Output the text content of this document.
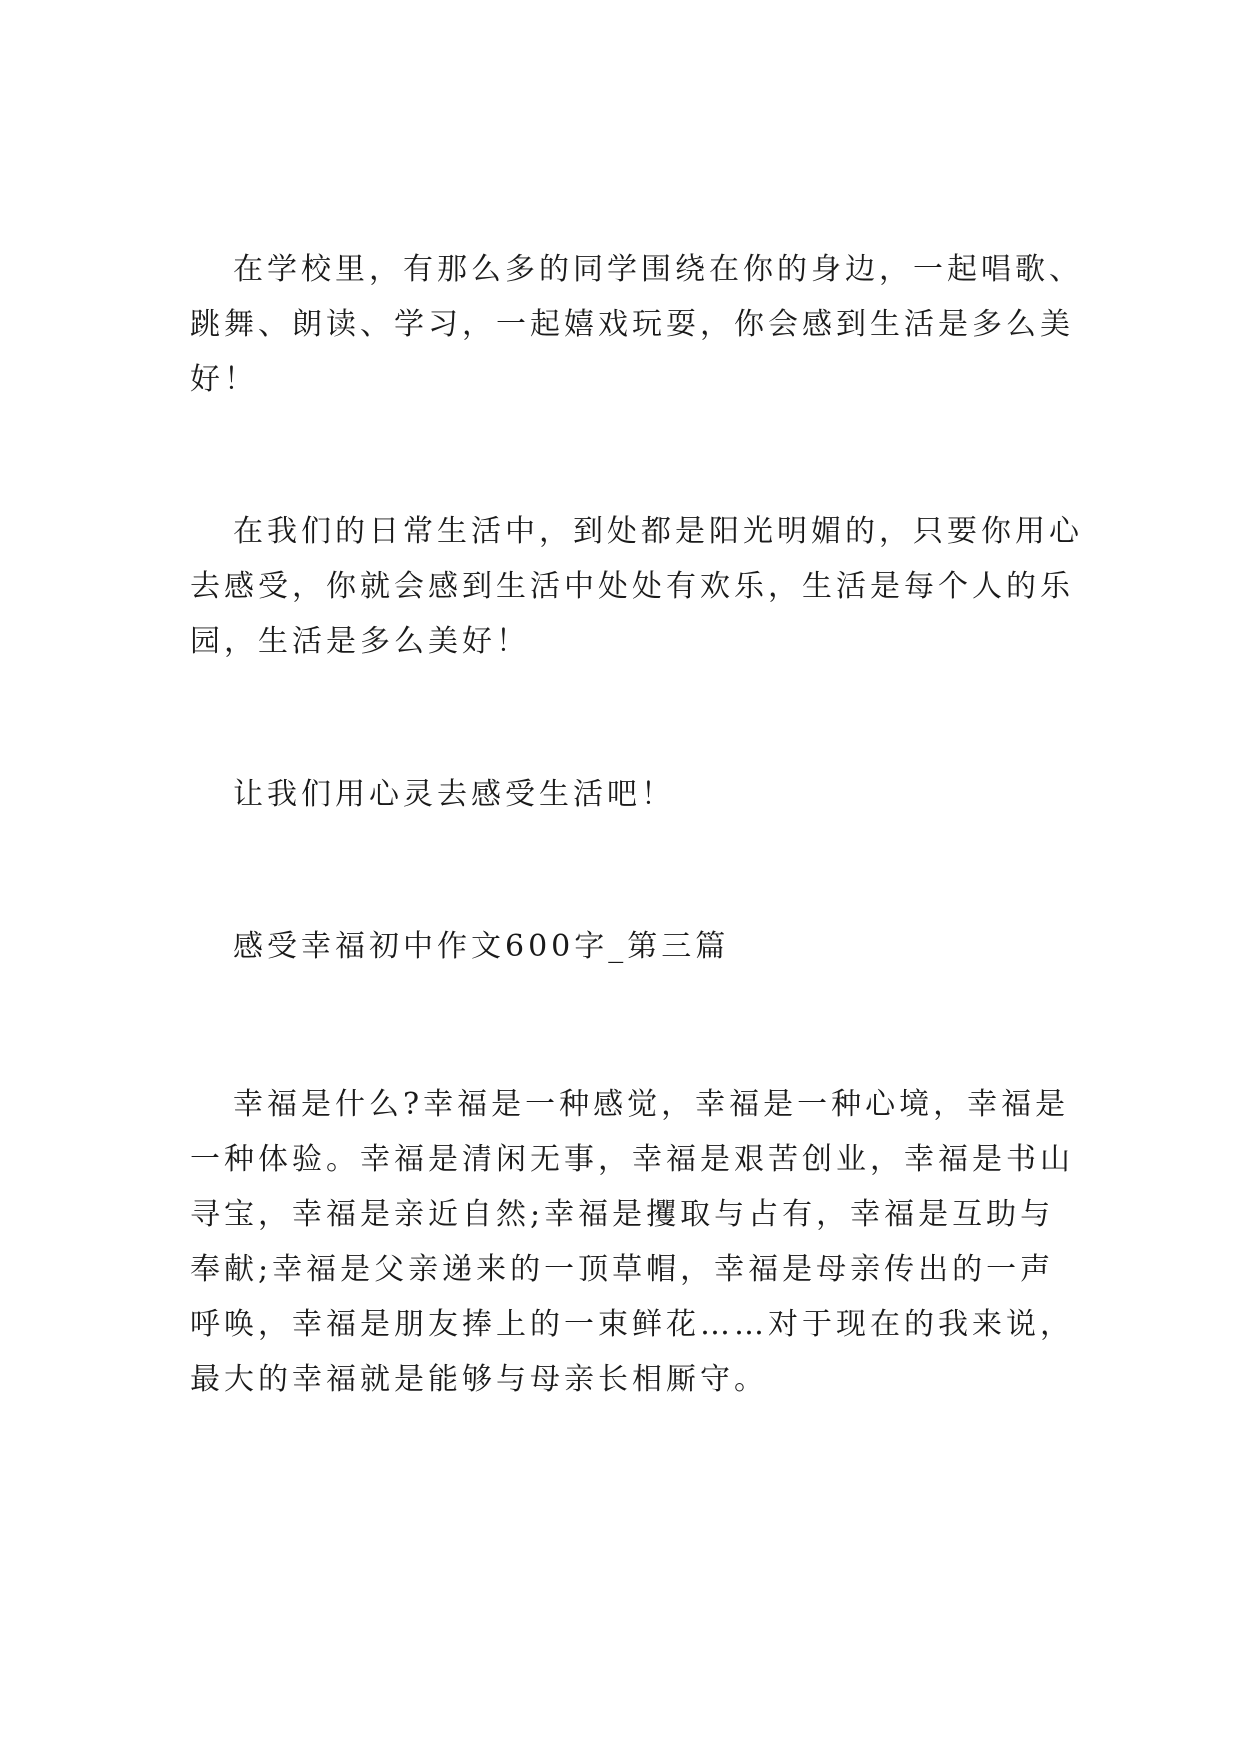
在学校里，有那么多的同学围绕在你的身边，一起唱歌、

跳舞、朗读、学习，一起嬉戏玩耍，你会感到生活是多么美

好！

在我们的日常生活中，到处都是阳光明媚的，只要你用心

去感受，你就会感到生活中处处有欢乐，生活是每个人的乐

园，生活是多么美好！

让我们用心灵去感受生活吧！

感受幸福初中作文600字_第三篇

幸福是什么?幸福是一种感觉，幸福是一种心境，幸福是

一种体验。幸福是清闲无事，幸福是艰苦创业，幸福是书山

寻宝，幸福是亲近自然;幸福是攫取与占有，幸福是互助与

奉献;幸福是父亲递来的一顶草帽，幸福是母亲传出的一声

呼唤，幸福是朋友捧上的一束鲜花……对于现在的我来说，

最大的幸福就是能够与母亲长相厮守。
